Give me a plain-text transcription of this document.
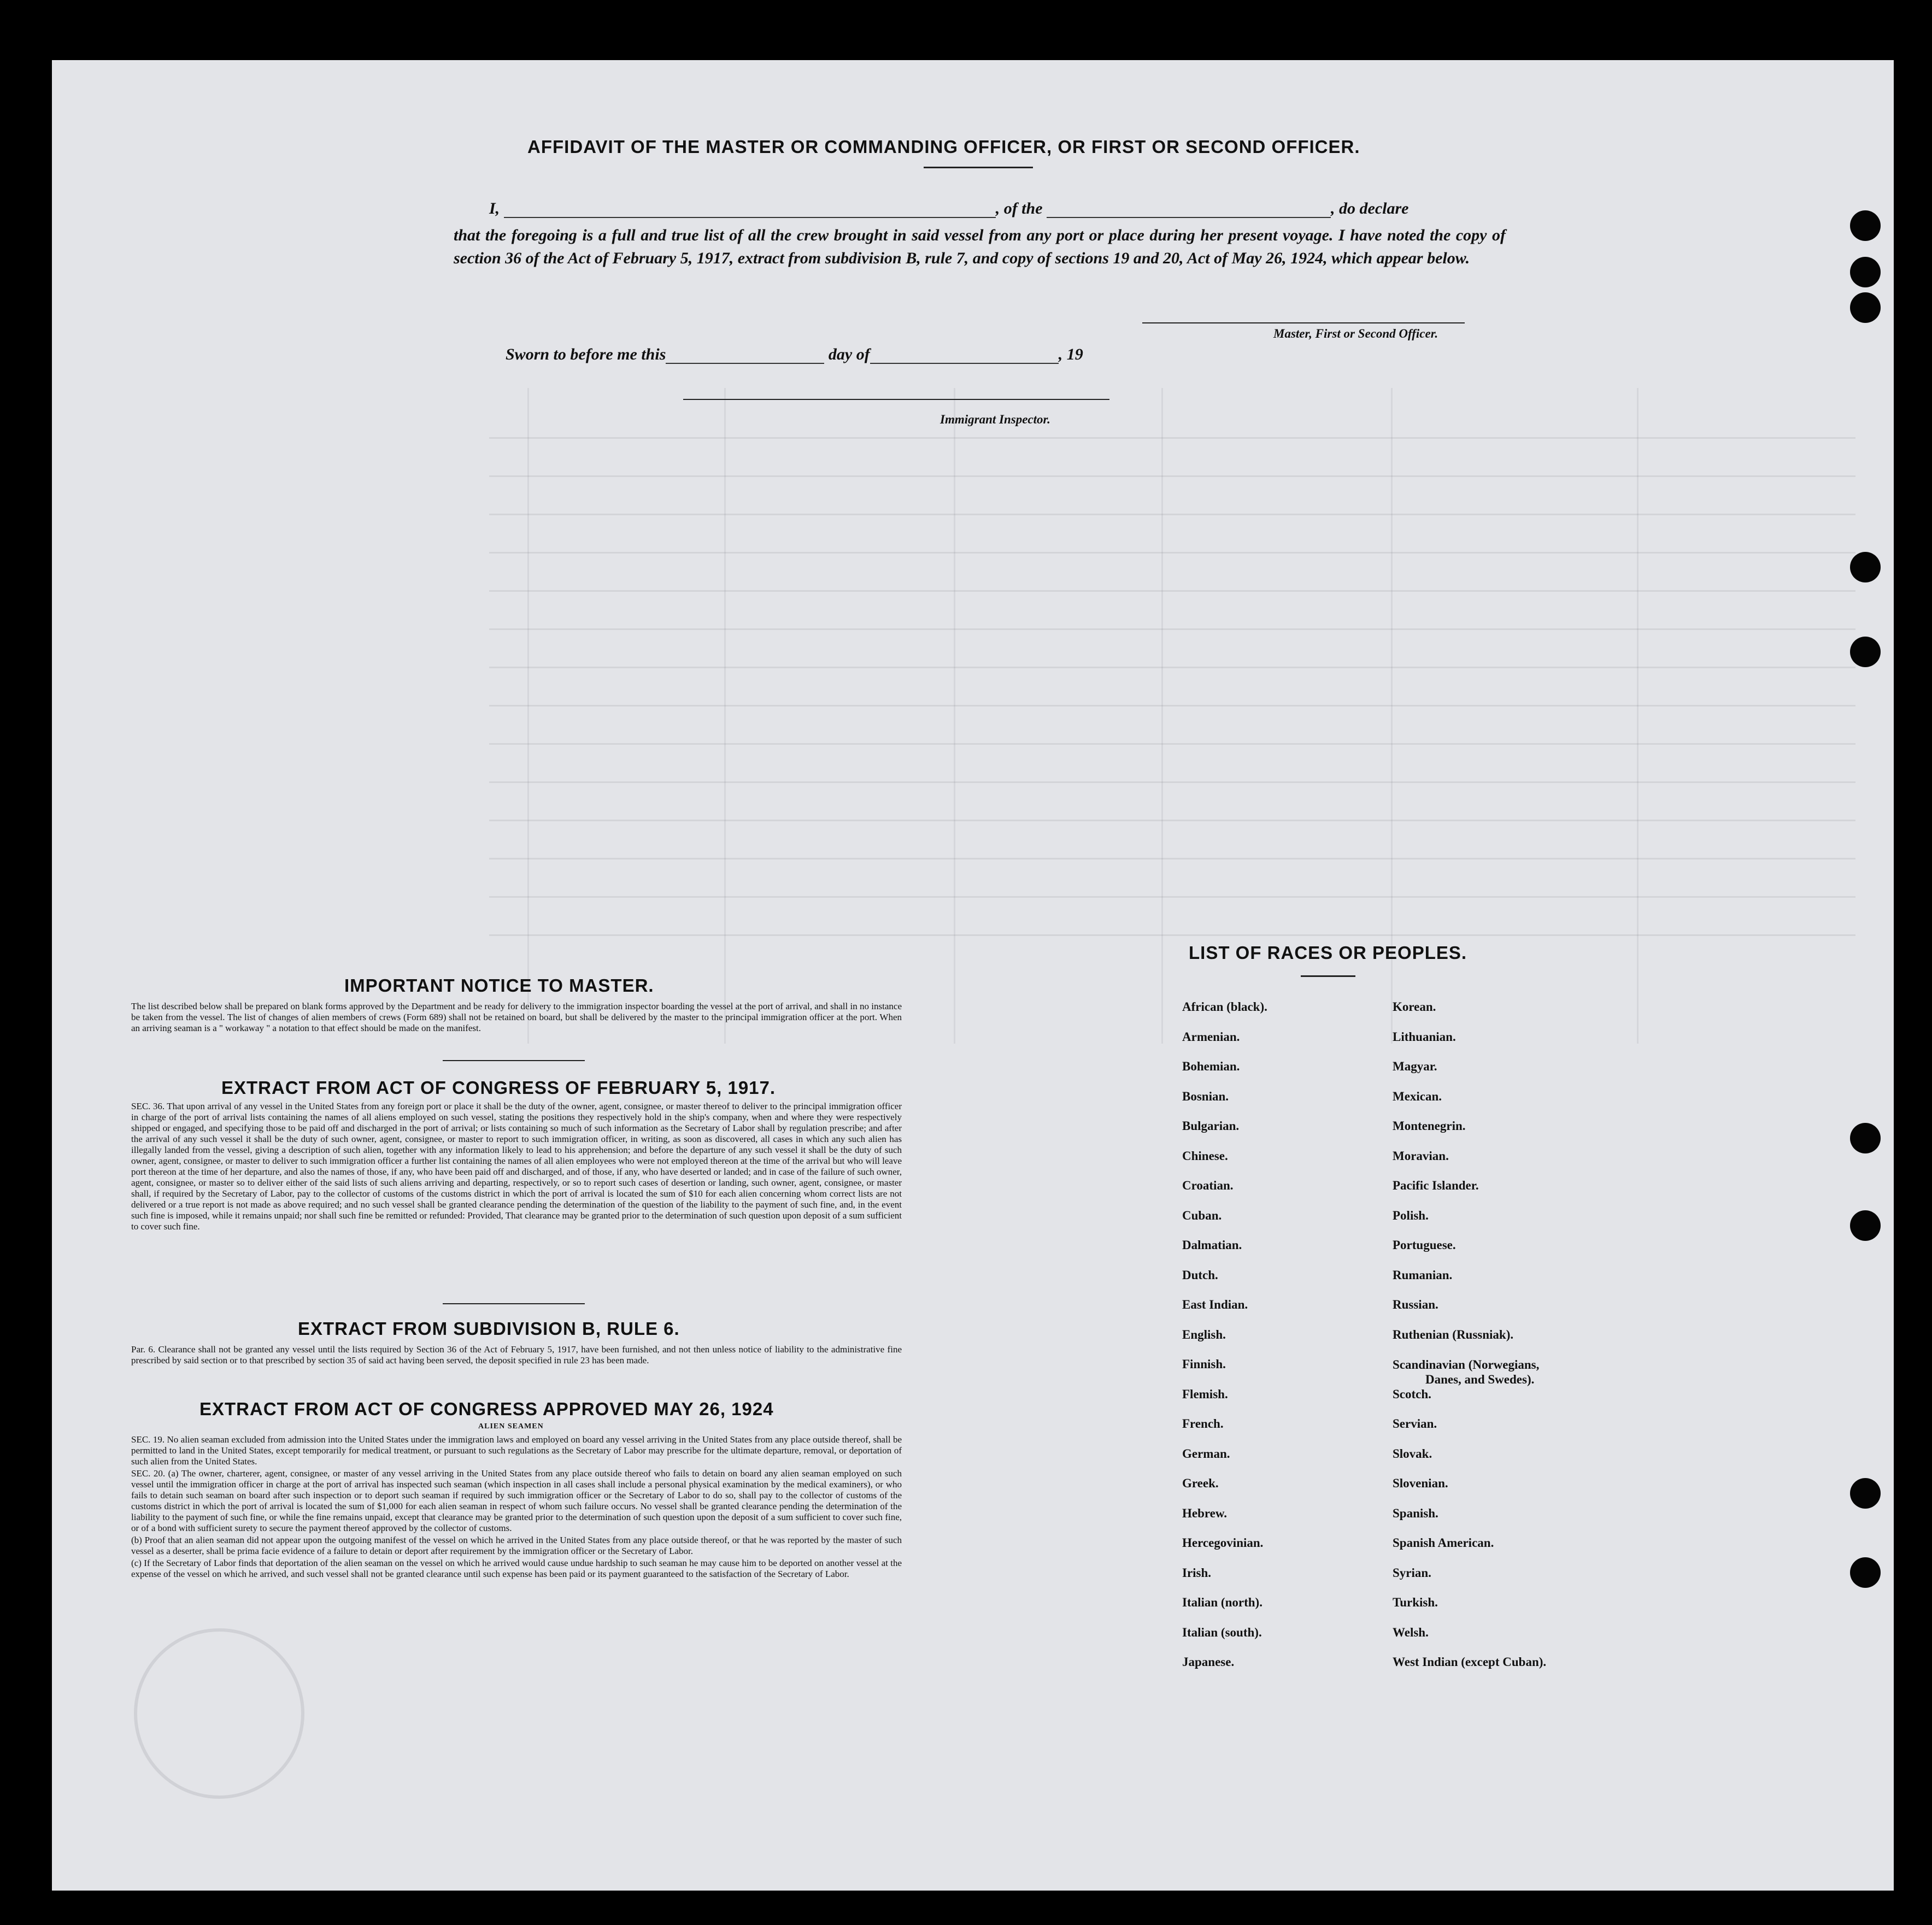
AFFIDAVIT OF THE MASTER OR COMMANDING OFFICER, OR FIRST OR SECOND OFFICER.
I,	, of the	, do declare
that the foregoing is a full and true list of all the crew brought in said vessel from any port or place during her present voyage. I have noted the copy of section 36 of the Act of February 5, 1917, extract from subdivision B, rule 7, and copy of sections 19 and 20, Act of May 26, 1924, which appear below.
Master, First or Second Officer.
Sworn to before me this	day of	, 19
Immigrant Inspector.
IMPORTANT NOTICE TO MASTER.
The list described below shall be prepared on blank forms approved by the Department and be ready for delivery to the immigration inspector boarding the vessel at the port of arrival, and shall in no instance be taken from the vessel. The list of changes of alien members of crews (Form 689) shall not be retained on board, but shall be delivered by the master to the principal immigration officer at the port. When an arriving seaman is a " workaway " a notation to that effect should be made on the manifest.
EXTRACT FROM ACT OF CONGRESS OF FEBRUARY 5, 1917.
SEC. 36. That upon arrival of any vessel in the United States from any foreign port or place it shall be the duty of the owner, agent, consignee, or master thereof to deliver to the principal immigration officer in charge of the port of arrival lists containing the names of all aliens employed on such vessel, stating the positions they respectively hold in the ship's company, when and where they were respectively shipped or engaged, and specifying those to be paid off and discharged in the port of arrival; or lists containing so much of such information as the Secretary of Labor shall by regulation prescribe; and after the arrival of any such vessel it shall be the duty of such owner, agent, consignee, or master to report to such immigration officer, in writing, as soon as discovered, all cases in which any such alien has illegally landed from the vessel, giving a description of such alien, together with any information likely to lead to his apprehension; and before the departure of any such vessel it shall be the duty of such owner, agent, consignee, or master to deliver to such immigration officer a further list containing the names of all alien employees who were not employed thereon at the time of the arrival but who will leave port thereon at the time of her departure, and also the names of those, if any, who have been paid off and discharged, and of those, if any, who have deserted or landed; and in case of the failure of such owner, agent, consignee, or master so to deliver either of the said lists of such aliens arriving and departing, respectively, or so to report such cases of desertion or landing, such owner, agent, consignee, or master shall, if required by the Secretary of Labor, pay to the collector of customs of the customs district in which the port of arrival is located the sum of $10 for each alien concerning whom correct lists are not delivered or a true report is not made as above required; and no such vessel shall be granted clearance pending the determination of the question of the liability to the payment of such fine, and, in the event such fine is imposed, while it remains unpaid; nor shall such fine be remitted or refunded: Provided, That clearance may be granted prior to the determination of such question upon deposit of a sum sufficient to cover such fine.
EXTRACT FROM SUBDIVISION B, RULE 6.
Par. 6. Clearance shall not be granted any vessel until the lists required by Section 36 of the Act of February 5, 1917, have been furnished, and not then unless notice of liability to the administrative fine prescribed by said section or to that prescribed by section 35 of said act having been served, the deposit specified in rule 23 has been made.
EXTRACT FROM ACT OF CONGRESS APPROVED MAY 26, 1924
ALIEN SEAMEN

SEC. 19. No alien seaman excluded from admission into the United States under the immigration laws and employed on board any vessel arriving in the United States from any place outside thereof, shall be permitted to land in the United States, except temporarily for medical treatment, or pursuant to such regulations as the Secretary of Labor may prescribe for the ultimate departure, removal, or deportation of such alien from the United States.

SEC. 20. (a) The owner, charterer, agent, consignee, or master of any vessel arriving in the United States from any place outside thereof who fails to detain on board any alien seaman employed on such vessel until the immigration officer in charge at the port of arrival has inspected such seaman (which inspection in all cases shall include a personal physical examination by the medical examiners), or who fails to detain such seaman on board after such inspection or to deport such seaman if required by such immigration officer or the Secretary of Labor to do so, shall pay to the collector of customs of the customs district in which the port of arrival is located the sum of $1,000 for each alien seaman in respect of whom such failure occurs. No vessel shall be granted clearance pending the determination of the liability to the payment of such fine, or while the fine remains unpaid, except that clearance may be granted prior to the determination of such question upon the deposit of a sum sufficient to cover such fine, or of a bond with sufficient surety to secure the payment thereof approved by the collector of customs.

(b) Proof that an alien seaman did not appear upon the outgoing manifest of the vessel on which he arrived in the United States from any place outside thereof, or that he was reported by the master of such vessel as a deserter, shall be prima facie evidence of a failure to detain or deport after requirement by the immigration officer or the Secretary of Labor.

(c) If the Secretary of Labor finds that deportation of the alien seaman on the vessel on which he arrived would cause undue hardship to such seaman he may cause him to be deported on another vessel at the expense of the vessel on which he arrived, and such vessel shall not be granted clearance until such expense has been paid or its payment guaranteed to the satisfaction of the Secretary of Labor.

LIST OF RACES OR PEOPLES.
African (black).
Armenian.
Bohemian.
Bosnian.
Bulgarian.
Chinese.
Croatian.
Cuban.
Dalmatian.
Dutch.
East Indian.
English.
Finnish.
Flemish.
French.
German.
Greek.
Hebrew.
Hercegovinian.
Irish.
Italian (north).
Italian (south).
Japanese.
Korean.
Lithuanian.
Magyar.
Mexican.
Montenegrin.
Moravian.
Pacific Islander.
Polish.
Portuguese.
Rumanian.
Russian.
Ruthenian (Russniak).
Scandinavian (Norwegians,
Danes, and Swedes).
Scotch.
Servian.
Slovak.
Slovenian.
Spanish.
Spanish American.
Syrian.
Turkish.
Welsh.
West Indian (except Cuban).
